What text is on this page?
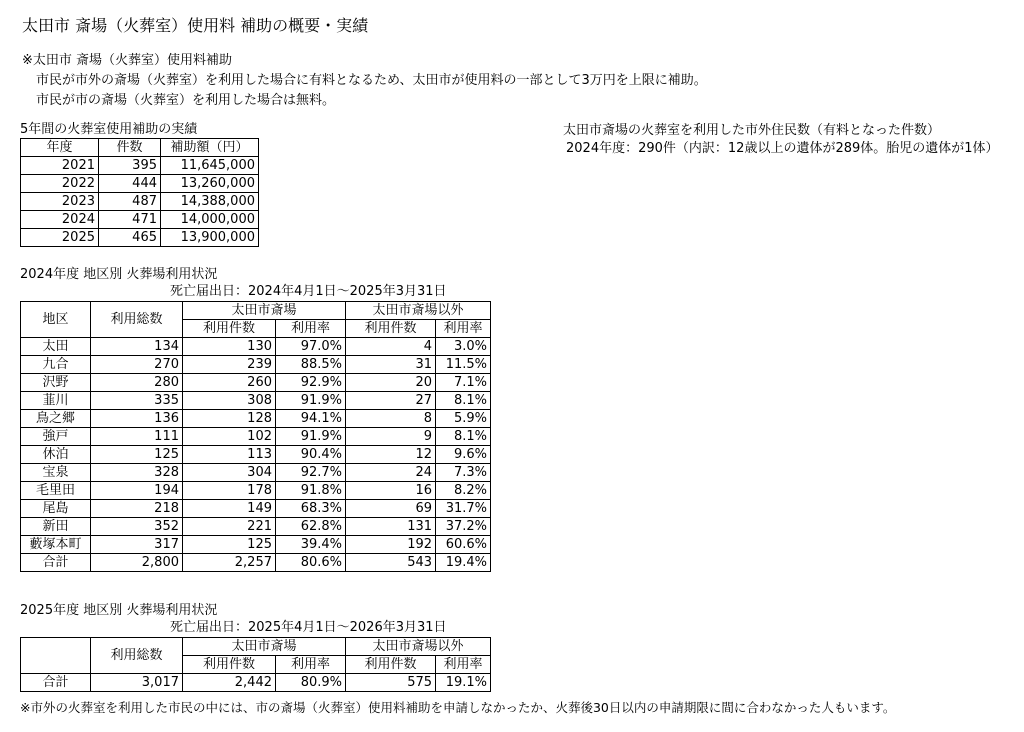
太田市 斎場（火葬室）使用料 補助の概要・実績
※太田市 斎場（火葬室）使用料補助
市民が市外の斎場（火葬室）を利用した場合に有料となるため、太田市が使用料の一部として3万円を上限に補助。
市民が市の斎場（火葬室）を利用した場合は無料。
5年間の火葬室使用補助の実績
年度	件数	補助額（円）
2021	395	11,645,000
2022	444	13,260,000
2023	487	14,388,000
2024	471	14,000,000
2025	465	13,900,000
太田市斎場の火葬室を利用した市外住民数（有料となった件数）
2024年度：290件（内訳：12歳以上の遺体が289体。胎児の遺体が1体）
2024年度 地区別 火葬場利用状況
死亡届出日：2024年4月1日～2025年3月31日
地区	利用総数	太田市斎場		太田市斎場以外	
		利用件数	利用率	利用件数	利用率
太田	134	130	97.0%	4	3.0%
九合	270	239	88.5%	31	11.5%
沢野	280	260	92.9%	20	7.1%
韮川	335	308	91.9%	27	8.1%
鳥之郷	136	128	94.1%	8	5.9%
強戸	111	102	91.9%	9	8.1%
休泊	125	113	90.4%	12	9.6%
宝泉	328	304	92.7%	24	7.3%
毛里田	194	178	91.8%	16	8.2%
尾島	218	149	68.3%	69	31.7%
新田	352	221	62.8%	131	37.2%
藪塚本町	317	125	39.4%	192	60.6%
合計	2,800	2,257	80.6%	543	19.4%
2025年度 地区別 火葬場利用状況
死亡届出日：2025年4月1日～2026年3月31日
	利用総数	太田市斎場		太田市斎場以外	
		利用件数	利用率	利用件数	利用率
合計	3,017	2,442	80.9%	575	19.1%
※市外の火葬室を利用した市民の中には、市の斎場（火葬室）使用料補助を申請しなかったか、火葬後30日以内の申請期限に間に合わなかった人もいます。
